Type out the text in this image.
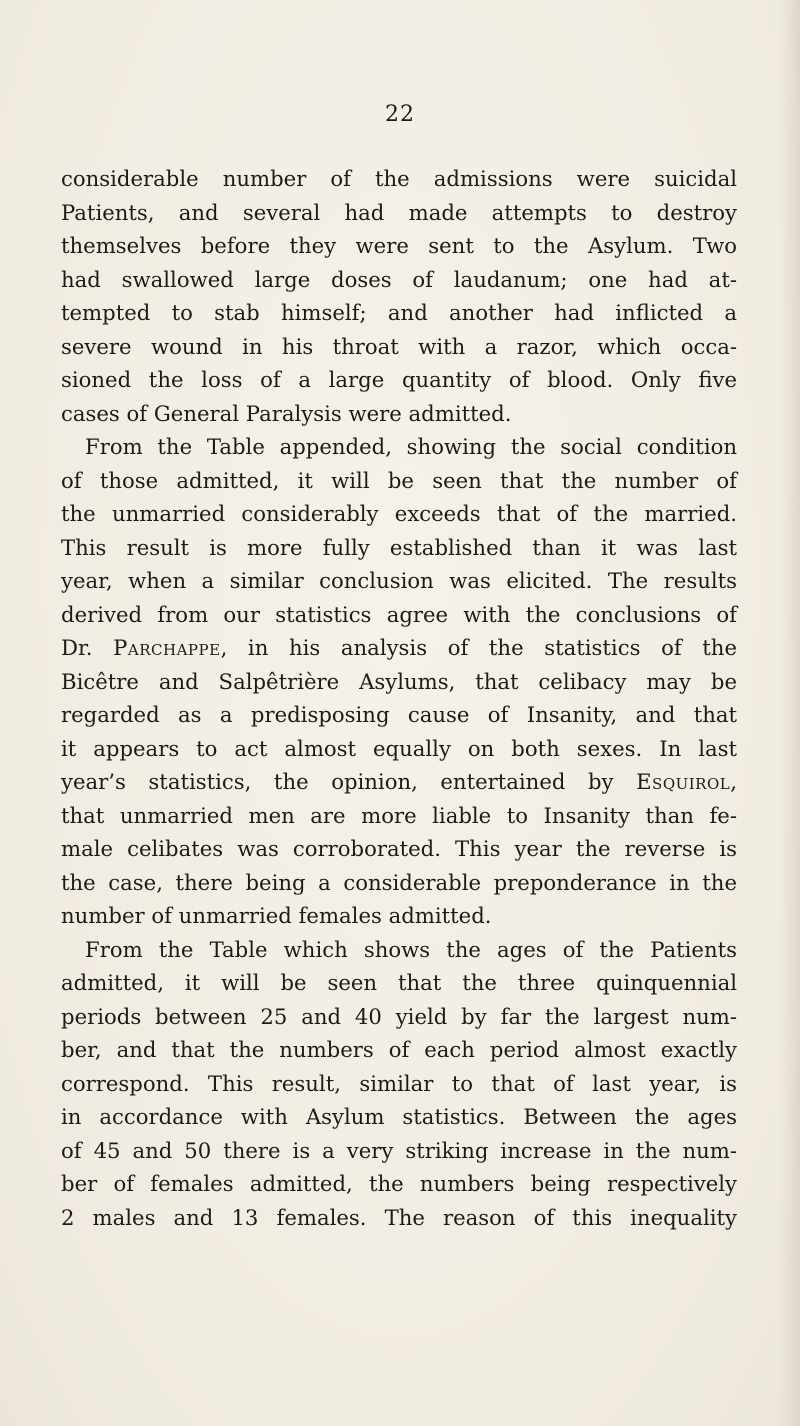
22
considerable number of the admissions were suicidal
Patients, and several had made attempts to destroy
themselves before they were sent to the Asylum. Two
had swallowed large doses of laudanum; one had at-
tempted to stab himself; and another had inflicted a
severe wound in his throat with a razor, which occa-
sioned the loss of a large quantity of blood. Only five
cases of General Paralysis were admitted.
From the Table appended, showing the social condition
of those admitted, it will be seen that the number of
the unmarried considerably exceeds that of the married.
This result is more fully established than it was last
year, when a similar conclusion was elicited. The results
derived from our statistics agree with the conclusions of
Dr. Parchappe, in his analysis of the statistics of the
Bicêtre and Salpêtrière Asylums, that celibacy may be
regarded as a predisposing cause of Insanity, and that
it appears to act almost equally on both sexes. In last
year’s statistics, the opinion, entertained by Esquirol,
that unmarried men are more liable to Insanity than fe-
male celibates was corroborated. This year the reverse is
the case, there being a considerable preponderance in the
number of unmarried females admitted.
From the Table which shows the ages of the Patients
admitted, it will be seen that the three quinquennial
periods between 25 and 40 yield by far the largest num-
ber, and that the numbers of each period almost exactly
correspond. This result, similar to that of last year, is
in accordance with Asylum statistics. Between the ages
of 45 and 50 there is a very striking increase in the num-
ber of females admitted, the numbers being respectively
2 males and 13 females. The reason of this inequality
